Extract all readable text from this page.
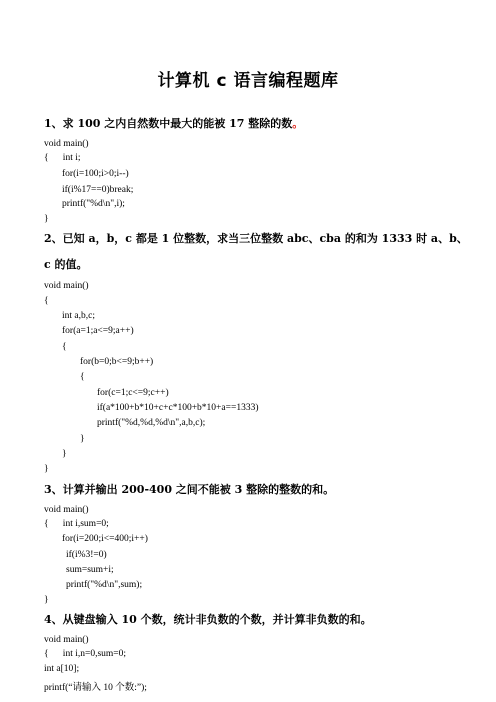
计算机 c 语言编程题库
1、求 100 之内自然数中最大的能被 17 整除的数。
void main()
{      int i;
for(i=100;i>0;i--)
if(i%17==0)break;
printf("%d\n",i);
}
2、已知 a，b，c 都是 1 位整数，求当三位整数 abc、cba 的和为 1333 时 a、b、
c 的值。
void main()
{
int a,b,c;
for(a=1;a<=9;a++)
{
for(b=0;b<=9;b++)
{
for(c=1;c<=9;c++)
if(a*100+b*10+c+c*100+b*10+a==1333)
printf("%d,%d,%d\n",a,b,c);
}
}
}
3、计算并输出 200-400 之间不能被 3 整除的整数的和。
void main()
{      int i,sum=0;
for(i=200;i<=400;i++)
if(i%3!=0)
sum=sum+i;
printf("%d\n",sum);
}
4、从键盘输入 10 个数，统计非负数的个数，并计算非负数的和。
void main()
{      int i,n=0,sum=0;
int a[10];
printf(“请输入 10 个数:”);
